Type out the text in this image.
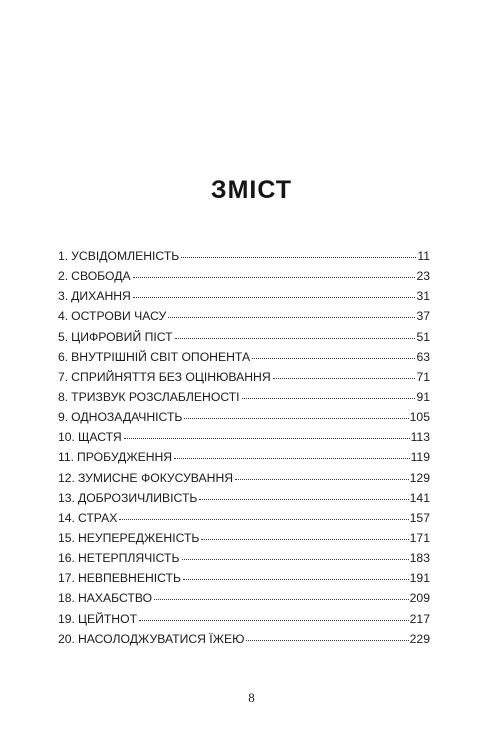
ЗМІСТ
1. УСВІДОМЛЕНІСТЬ	11
2. СВОБОДА	23
3. ДИХАННЯ	31
4. ОСТРОВИ ЧАСУ	37
5. ЦИФРОВИЙ ПІСТ	51
6. ВНУТРІШНІЙ СВІТ ОПОНЕНТА	63
7. СПРИЙНЯТТЯ БЕЗ ОЦІНЮВАННЯ	71
8. ТРИЗВУК РОЗСЛАБЛЕНОСТІ	91
9. ОДНОЗАДАЧНІСТЬ	105
10. ЩАСТЯ	113
11. ПРОБУДЖЕННЯ	119
12. ЗУМИСНЕ ФОКУСУВАННЯ	129
13. ДОБРОЗИЧЛИВІСТЬ	141
14. СТРАХ	157
15. НЕУПЕРЕДЖЕНІСТЬ	171
16. НЕТЕРПЛЯЧІСТЬ	183
17. НЕВПЕВНЕНІСТЬ	191
18. НАХАБСТВО	209
19. ЦЕЙТНОТ	217
20. НАСОЛОДЖУВАТИСЯ ЇЖЕЮ	229
8
